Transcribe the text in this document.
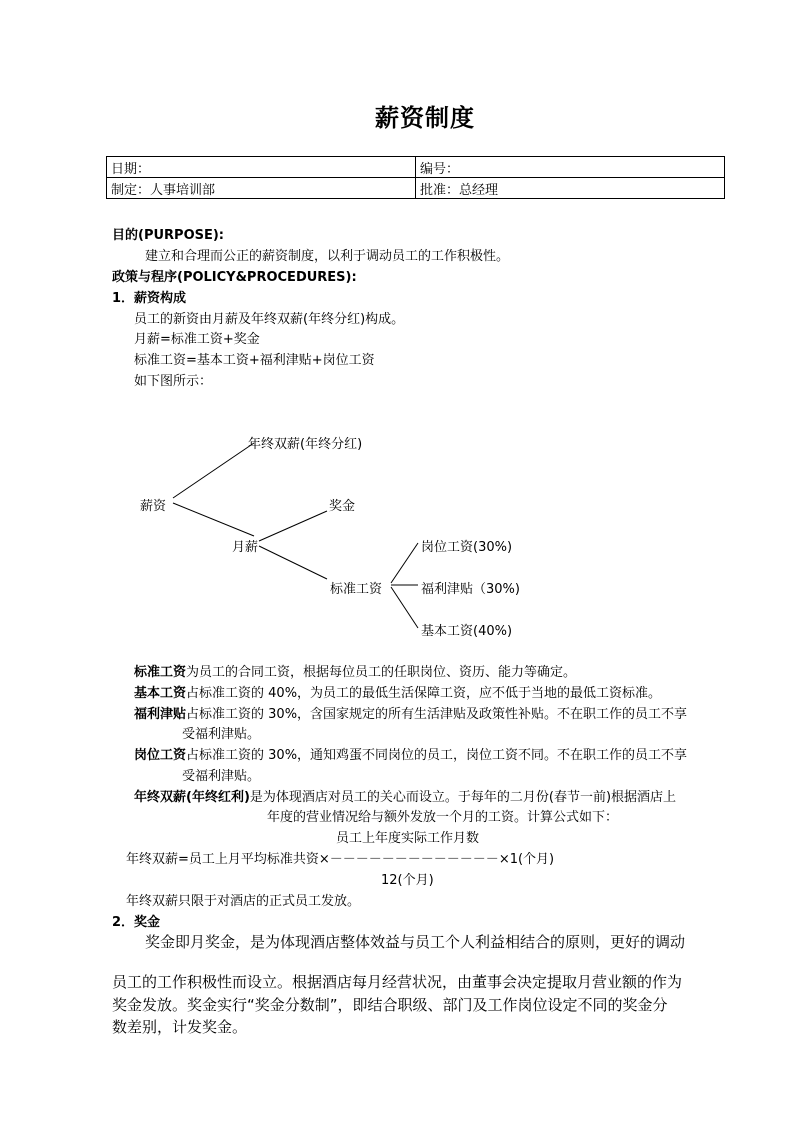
薪资制度
日期：	编号：
制定：人事培训部	批准：总经理
目的(PURPOSE):
建立和合理而公正的薪资制度，以利于调动员工的工作积极性。
政策与程序(POLICY&PROCEDURES):
1．薪资构成
员工的新资由月薪及年终双薪(年终分红)构成。
月薪=标准工资+奖金
标准工资=基本工资+福利津贴+岗位工资
如下图所示：
薪资
年终双薪(年终分红)
奖金
月薪
标准工资
岗位工资(30%)
福利津贴（30%)
基本工资(40%)
标准工资为员工的合同工资，根据每位员工的任职岗位、资历、能力等确定。
基本工资占标准工资的 40%，为员工的最低生活保障工资，应不低于当地的最低工资标准。
福利津贴占标准工资的 30%，含国家规定的所有生活津贴及政策性补贴。不在职工作的员工不享
受福利津贴。
岗位工资占标准工资的 30%，通知鸡蛋不同岗位的员工，岗位工资不同。不在职工作的员工不享
受福利津贴。
年终双薪(年终红利)是为体现酒店对员工的关心而设立。于每年的二月份(春节一前)根据酒店上
年度的营业情况给与额外发放一个月的工资。计算公式如下：
员工上年度实际工作月数
年终双薪=员工上月平均标准共资×－－－－－－－－－－－－－×1(个月)
12(个月)
年终双薪只限于对酒店的正式员工发放。
2．奖金
奖金即月奖金，是为体现酒店整体效益与员工个人利益相结合的原则，更好的调动
员工的工作积极性而设立。根据酒店每月经营状况，由董事会决定提取月营业额的作为
奖金发放。奖金实行“奖金分数制”，即结合职级、部门及工作岗位设定不同的奖金分
数差别，计发奖金。
